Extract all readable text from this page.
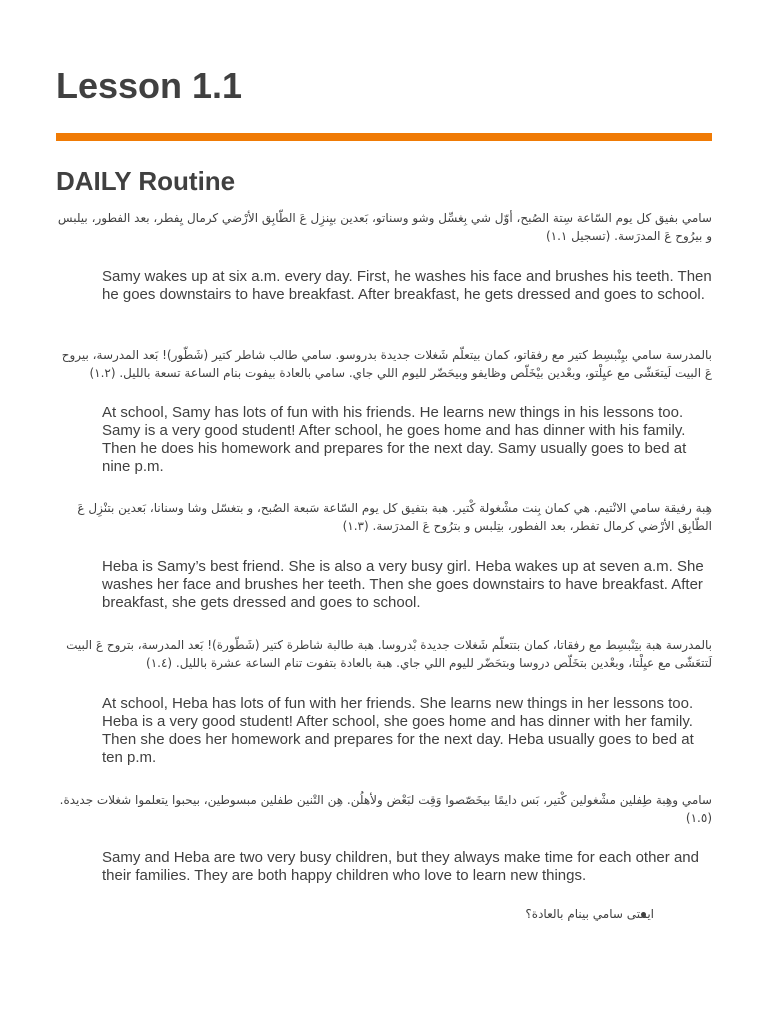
Lesson 1.1
DAILY Routine

سامي بفيق كل يوم السّاعة سِتة الصُبح، أوّل شي بِغسِّل وشو وسناتو، بَعدين بيِنزِل عَ الطّابِق الأرْضي كرمال يِفطر، بعد الفطور، بيلبس و بيرُوح عَ المدرَسة. (تسجيل ١.١)

Samy wakes up at six a.m. every day. First, he washes his face and brushes his teeth. Then he goes downstairs to have breakfast. After breakfast, he gets dressed and goes to school.

بالمدرسة سامي بيِنْبسِط كتير مع رفقاتو، كمان بيتعلّم شَغلات جديدة بدروسو. سامي طالب شاطر كتير (شَطّور)! بَعد المدرسة، بيروح عَ البيت لَيتعَشّى مع عيِلْتو، وبعْدين بيْخَلّص وظايفو وبيحَضّر لليوم اللي جاي. سامي بالعادة بيفوت بنام الساعة تسعة بالليل. (١.٢)

At school, Samy has lots of fun with his friends. He learns new things in his lessons too. Samy is a very good student! After school, he goes home and has dinner with his family. Then he does his homework and prepares for the next day. Samy usually goes to bed at nine p.m.

هِبة رفيقة سامي الانْتيم. هي كمان بِنت مشْغولة كْتير. هبة بتفيق كل يوم السّاعة سَبعة الصُبح، و بتغسّل وشا وسنانا، بَعدين بتنْزِل عَ الطّابِق الأرْضي كرمال تفطر، بعد الفطور، بتِلبس و بترُوح عَ المدرَسة. (١.٣)

Heba is Samy’s best friend. She is also a very busy girl. Heba wakes up at seven a.m. She washes her face and brushes her teeth. Then she goes downstairs to have breakfast. After breakfast, she gets dressed and goes to school.

بالمدرسة هبة بتِنْبسِط مع رفقاتا، كمان بتتعلّم شَغلات جديدة بْدروسا. هبة طالبة شاطرة كتير (شَطّورة)! بَعد المدرسة، بتروح عَ البيت لَتتعَشّى مع عيِلْتا، وبعْدين بتخَلّص دروسا وبتحَضّر لليوم اللي جاي. هبة بالعادة بتفوت تنام الساعة عشرة بالليل. (١.٤)

At school, Heba has lots of fun with her friends. She learns new things in her lessons too. Heba is a very good student! After school, she goes home and has dinner with her family. Then she does her homework and prepares for the next day. Heba usually goes to bed at ten p.m.

سامي وهِبة طِفلين مشْغولين كْتير، بَس دايمًا بيخَصّصوا وَقِت لبَعْض ولأهلُن. هِن التْنين طفلين مبسوطين، بيحبوا يتعلموا شغلات جديدة. (١.٥)

Samy and Heba are two very busy children, but they always make time for each other and their families. They are both happy children who love to learn new things.

ايمتى سامي بينام بالعادة؟
